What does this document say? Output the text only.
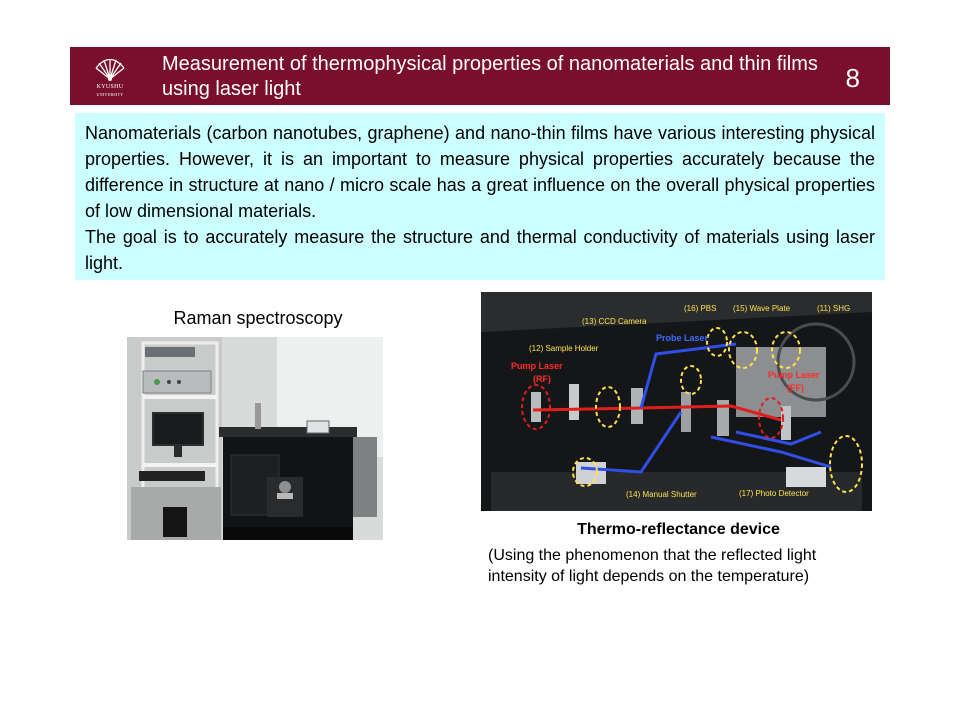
KYUSHU
UNIVERSITY
Measurement of thermophysical properties of nanomaterials and thin films using laser light	8

Nanomaterials (carbon nanotubes, graphene) and nano-thin films have various interesting physical properties. However, it is an important to measure physical properties accurately because the difference in structure at nano / micro scale has a great influence on the overall physical properties of low dimensional materials.

The goal is to accurately measure the structure and thermal conductivity of materials using laser light.

Raman spectroscopy	(16) PBS (15) Wave Plate	(11) SHG
(13) CCD Camera
Probe Laser
(12) Sample Holder
Pump Laser
(RF)	Pump Laser
(FF)
(14) Manual Shutter	(17) Photo Detector
Thermo-reflectance device
(Using the phenomenon that the reflected light
intensity of light depends on the temperature)
